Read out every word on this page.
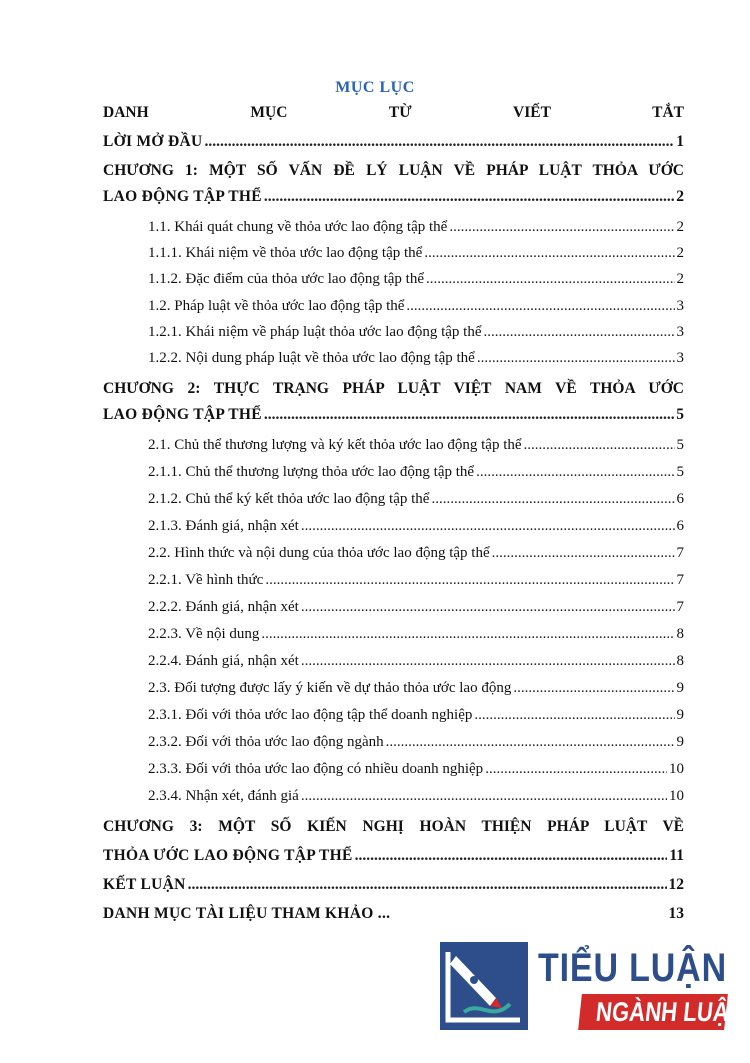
MỤC LỤC
DANH MỤC TỪ VIẾT TẮT
LỜI MỞ ĐẦU .....	1
CHƯƠNG 1: MỘT SỐ VẤN ĐỀ LÝ LUẬN VỀ PHÁP LUẬT THỎA ƯỚC
LAO ĐỘNG TẬP THỂ .....	2
1.1. Khái quát chung về thỏa ước lao động tập thể .....	2
1.1.1. Khái niệm về thỏa ước lao động tập thể .....	2
1.1.2. Đặc điểm của thỏa ước lao động tập thể .....	2
1.2. Pháp luật về thỏa ước lao động tập thể .....	3
1.2.1. Khái niệm về pháp luật thỏa ước lao động tập thể .....	3
1.2.2. Nội dung pháp luật về thỏa ước lao động tập thể .....	3
CHƯƠNG 2: THỰC TRẠNG PHÁP LUẬT VIỆT NAM VỀ THỎA ƯỚC
LAO ĐỘNG TẬP THỂ .....	5
2.1. Chủ thể thương lượng và ký kết thỏa ước lao động tập thể .....	5
2.1.1. Chủ thể thương lượng thỏa ước lao động tập thể .....	5
2.1.2. Chủ thể ký kết thỏa ước lao động tập thể .....	6
2.1.3. Đánh giá, nhận xét .....	6
2.2. Hình thức và nội dung của thỏa ước lao động tập thể .....	7
2.2.1. Về hình thức .....	7
2.2.2. Đánh giá, nhận xét .....	7
2.2.3. Về nội dung .....	8
2.2.4. Đánh giá, nhận xét .....	8
2.3. Đối tượng được lấy ý kiến về dự thảo thỏa ước lao động .....	9
2.3.1. Đối với thỏa ước lao động tập thể doanh nghiệp .....	9
2.3.2. Đối với thỏa ước lao động ngành .....	9
2.3.3. Đối với thỏa ước lao động có nhiều doanh nghiệp .....	10
2.3.4. Nhận xét, đánh giá .....	10
CHƯƠNG 3: MỘT SỐ KIẾN NGHỊ HOÀN THIỆN PHÁP LUẬT VỀ
THỎA ƯỚC LAO ĐỘNG TẬP THỂ .....	11
KẾT LUẬN .....	12
DANH MỤC TÀI LIỆU THAM KHẢO ...	13
TIỂU LUẬN
NGÀNH LUẬT
